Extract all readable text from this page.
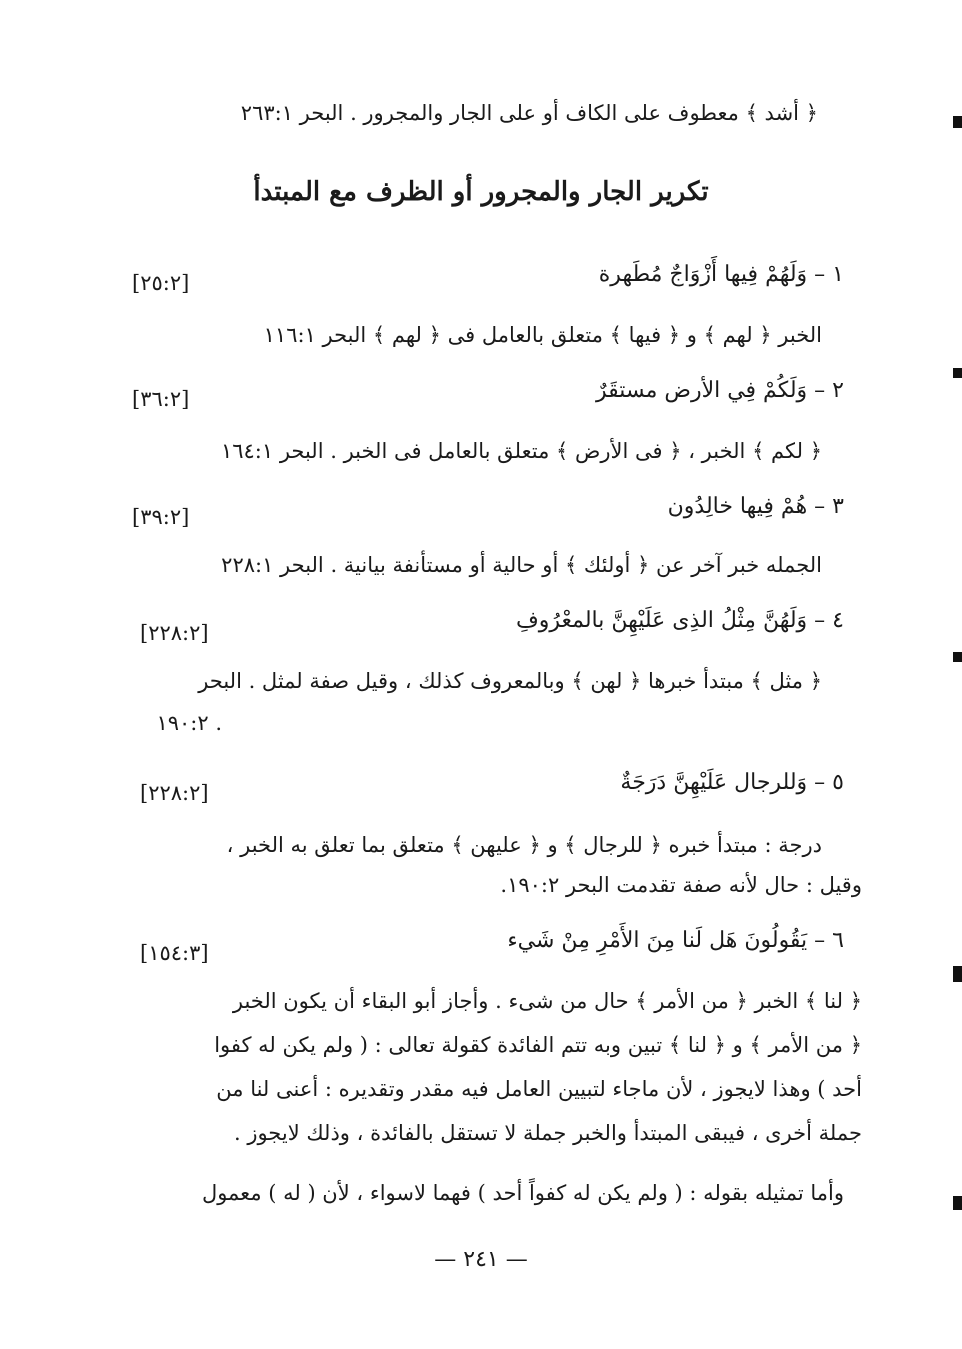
﴿ أشد ﴾ معطوف على الكاف أو على الجار والمجرور . البحر ٢٦٣:١
تكرير الجار والمجرور أو الظرف مع المبتدأ
١ – وَلَهُمْ فِيها أَزْوَاجٌ مُطَهرة
[٢٥:٢]
الخبر ﴿ لهم ﴾ و ﴿ فيها ﴾ متعلق بالعامل فى ﴿ لهم ﴾ البحر ١١٦:١
٢ – وَلَكُمْ فِي الأرض مستقَرٌ
[٣٦:٢]
﴿ لكم ﴾ الخبر ، ﴿ فى الأرض ﴾ متعلق بالعامل فى الخبر . البحر ١٦٤:١
٣ – هُمْ فِيها خالِدُون
[٣٩:٢]
الجمله خبر آخر عن ﴿ أولئك ﴾ أو حالية أو مستأنفة بيانية . البحر ٢٢٨:١
٤ – وَلَهُنَّ مِثْلُ الذِى عَلَيْهِنَّ بالمعْرُوفِ
[٢٢٨:٢]
﴿ مثل ﴾ مبتدأ خبرها ﴿ لهن ﴾ وبالمعروف كذلك ، وقيل صفة لمثل . البحر
. ١٩٠:٢
٥ – وَللرجال عَلَيْهِنَّ دَرَجَةٌ
[٢٢٨:٢]
درجة : مبتدأ خبره ﴿ للرجال ﴾ و ﴿ عليهن ﴾ متعلق بما تعلق به الخبر ،
وقيل : حال لأنه صفة تقدمت البحر ١٩٠:٢.
٦ – يَقُولُونَ هَل لَنا مِنَ الأَمْرِ مِنْ شَيء
[١٥٤:٣]
﴿ لنا ﴾ الخبر ﴿ من الأمر ﴾ حال من شىء . وأجاز أبو البقاء أن يكون الخبر
﴿ من الأمر ﴾ و ﴿ لنا ﴾ تبين وبه تتم الفائدة كقولة تعالى : ( ولم يكن له كفوا
أحد ) وهذا لايجوز ، لأن ماجاء لتبيين العامل فيه مقدر وتقديره : أعنى لنا من
جملة أخرى ، فيبقى المبتدأ والخبر جملة لا تستقل بالفائدة ، وذلك لايجوز .
وأما تمثيله بقوله : ( ولم يكن له كفواً أحد ) فهما لاسواء ، لأن ( له ) معمول
— ٢٤١ —
